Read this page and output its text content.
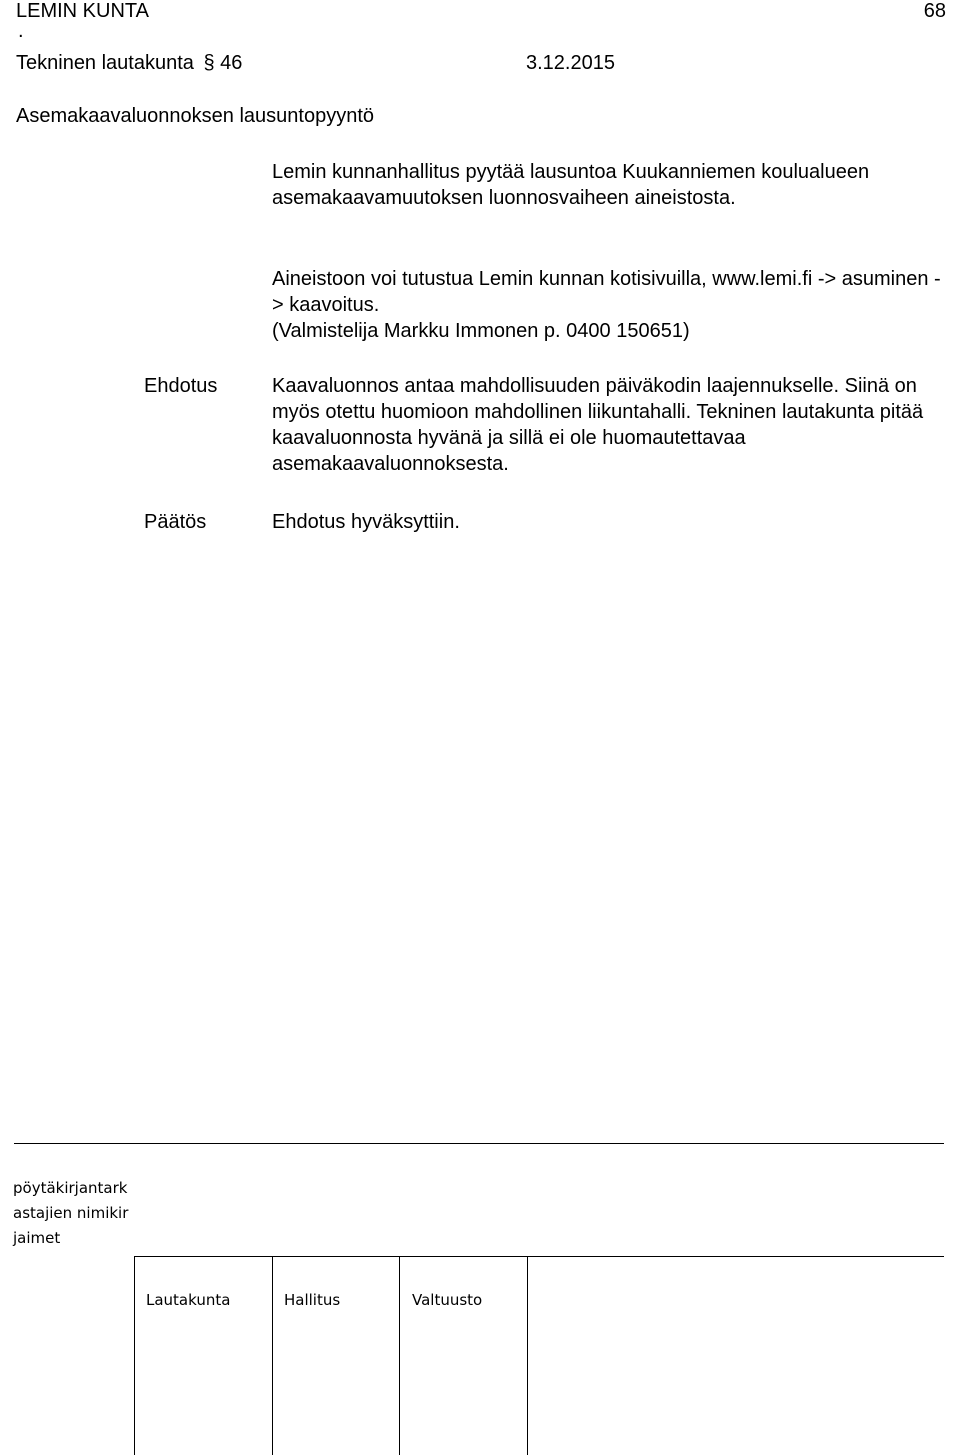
LEMIN KUNTA	68
.
Tekninen lautakunta § 46	3.12.2015
Asemakaavaluonnoksen lausuntopyyntö
Lemin kunnanhallitus pyytää lausuntoa Kuukanniemen koulualueen asemakaavamuutoksen luonnosvaiheen aineistosta.
Aineistoon voi tutustua Lemin kunnan kotisivuilla, www.lemi.fi -> asuminen -> kaavoitus.
(Valmistelija Markku Immonen p. 0400 150651)
Ehdotus	Kaavaluonnos antaa mahdollisuuden päiväkodin laajennukselle. Siinä on myös otettu huomioon mahdollinen liikuntahalli. Tekninen lautakunta pitää kaavaluonnosta hyvänä ja sillä ei ole huomautettavaa asemakaavaluonnoksesta.
Päätös	Ehdotus hyväksyttiin.
pöytäkirjantarkastajien nimikirjaimet
Lautakunta	Hallitus	Valtuusto
